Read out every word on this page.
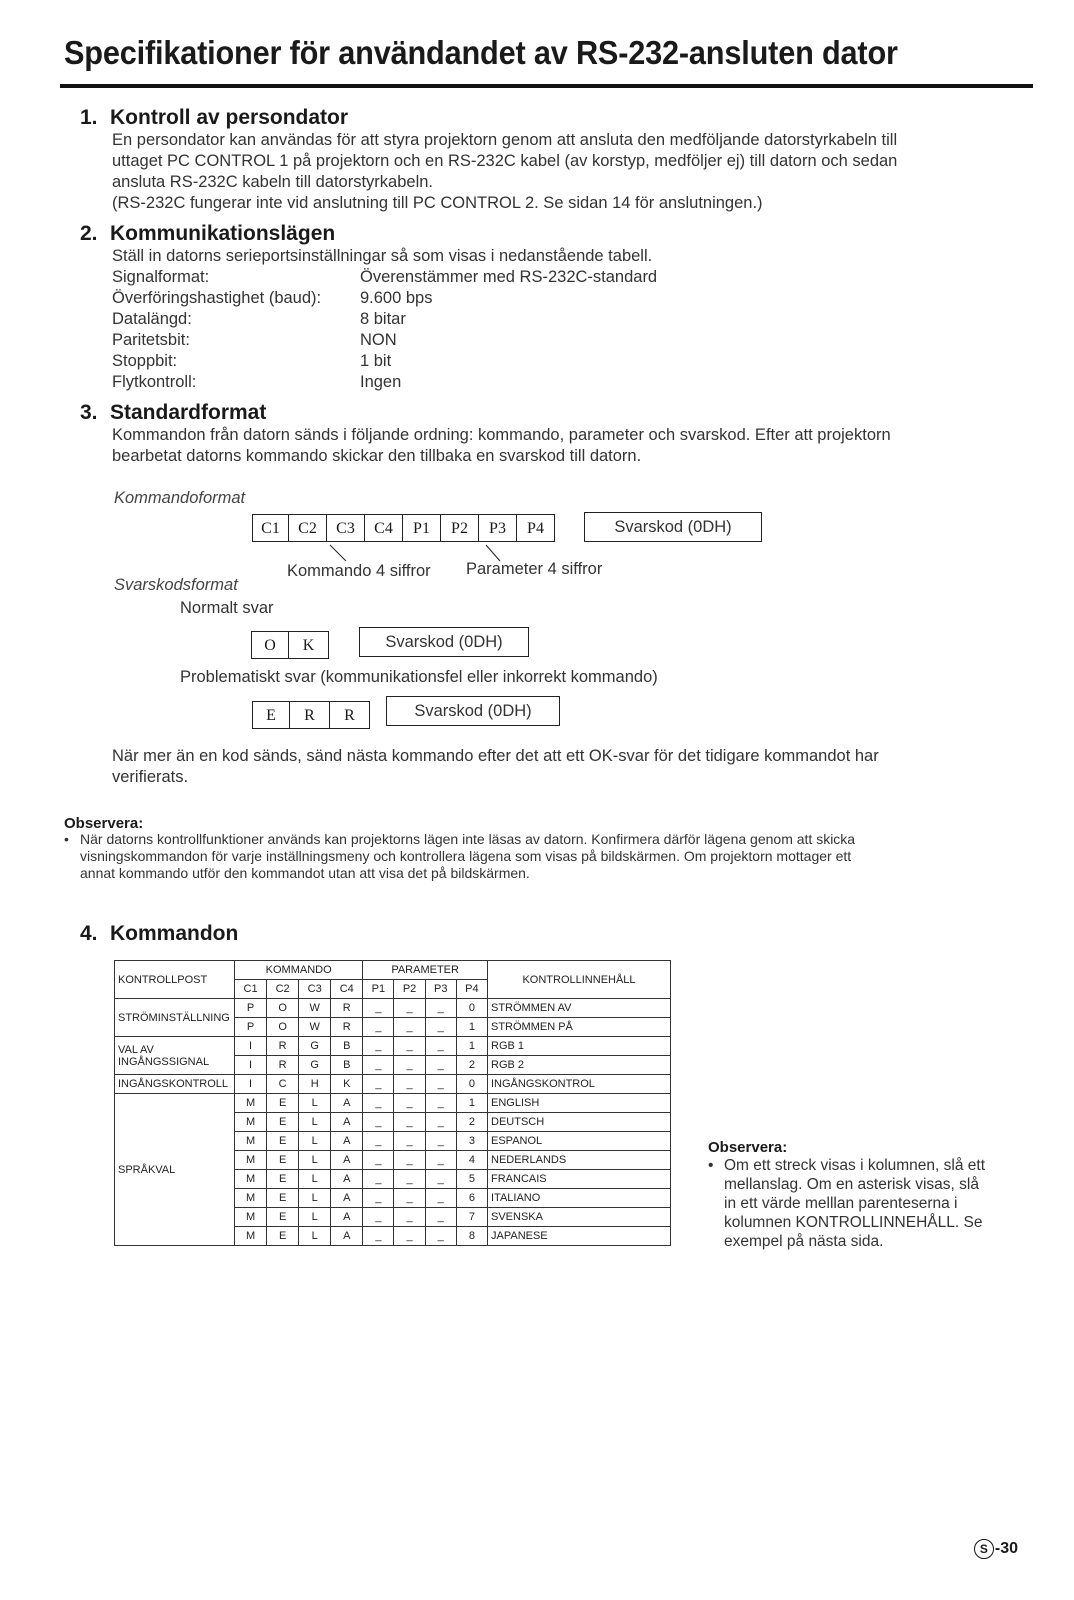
Specifikationer för användandet av RS-232-ansluten dator
1. Kontroll av persondator

En persondator kan användas för att styra projektorn genom att ansluta den medföljande datorstyrkabeln till

uttaget PC CONTROL 1 på projektorn och en RS-232C kabel (av korstyp, medföljer ej) till datorn och sedan

ansluta RS-232C kabeln till datorstyrkabeln.

(RS-232C fungerar inte vid anslutning till PC CONTROL 2. Se sidan 14 för anslutningen.)

2. Kommunikationslägen

Ställ in datorns serieportsinställningar så som visas i nedanstående tabell.

Signalformat:	Överenstämmer med RS-232C-standard
Överföringshastighet (baud):	9.600 bps
Datalängd:	8 bitar
Paritetsbit:	NON
Stoppbit:	1 bit
Flytkontroll:	Ingen
3. Standardformat

Kommandon från datorn sänds i följande ordning: kommando, parameter och svarskod. Efter att projektorn

bearbetat datorns kommando skickar den tillbaka en svarskod till datorn.

Kommandoformat
C1	C2	C3	C4	P1	P2	P3	P4	Svarskod (0DH)
Kommando 4 siffror Parameter 4 siffror
Svarskodsformat
Normalt svar
O	K	Svarskod (0DH)
Problematiskt svar (kommunikationsfel eller inkorrekt kommando)
E	R	R	Svarskod (0DH)

När mer än en kod sänds, sänd nästa kommando efter det att ett OK-svar för det tidigare kommandot har

verifierats.

Observera:
• När datorns kontrollfunktioner används kan projektorns lägen inte läsas av datorn. Konfirmera därför lägena genom att skicka
visningskommandon för varje inställningsmeny och kontrollera lägena som visas på bildskärmen. Om projektorn mottager ett
annat kommando utför den kommandot utan att visa det på bildskärmen.
4. Kommandon
KONTROLLPOST	KOMMANDO				PARAMETER				KONTROLLINNEHÅLL
	C1	C2	C3	C4	P1	P2	P3	P4	
STRÖMINSTÄLLNING	P	O	W	R	_	_	_	0	STRÖMMEN AV
	P	O	W	R	_	_	_	1	STRÖMMEN PÅ
VAL AV INGÅNGSSIGNAL	I	R	G	B	_	_	_	1	RGB 1
	I	R	G	B	_	_	_	2	RGB 2
INGÅNGSKONTROLL	I	C	H	K	_	_	_	0	INGÅNGSKONTROL
SPRÅKVAL	M	E	L	A	_	_	_	1	ENGLISH
	M	E	L	A	_	_	_	2	DEUTSCH
	M	E	L	A	_	_	_	3	ESPANOL
	M	E	L	A	_	_	_	4	NEDERLANDS
	M	E	L	A	_	_	_	5	FRANCAIS
	M	E	L	A	_	_	_	6	ITALIANO
	M	E	L	A	_	_	_	7	SVENSKA
	M	E	L	A	_	_	_	8	JAPANESE
Observera:
• Om ett streck visas i kolumnen, slå ett
mellanslag. Om en asterisk visas, slå
in ett värde melllan parenteserna i
kolumnen KONTROLLINNEHÅLL. Se
exempel på nästa sida.
S -30
